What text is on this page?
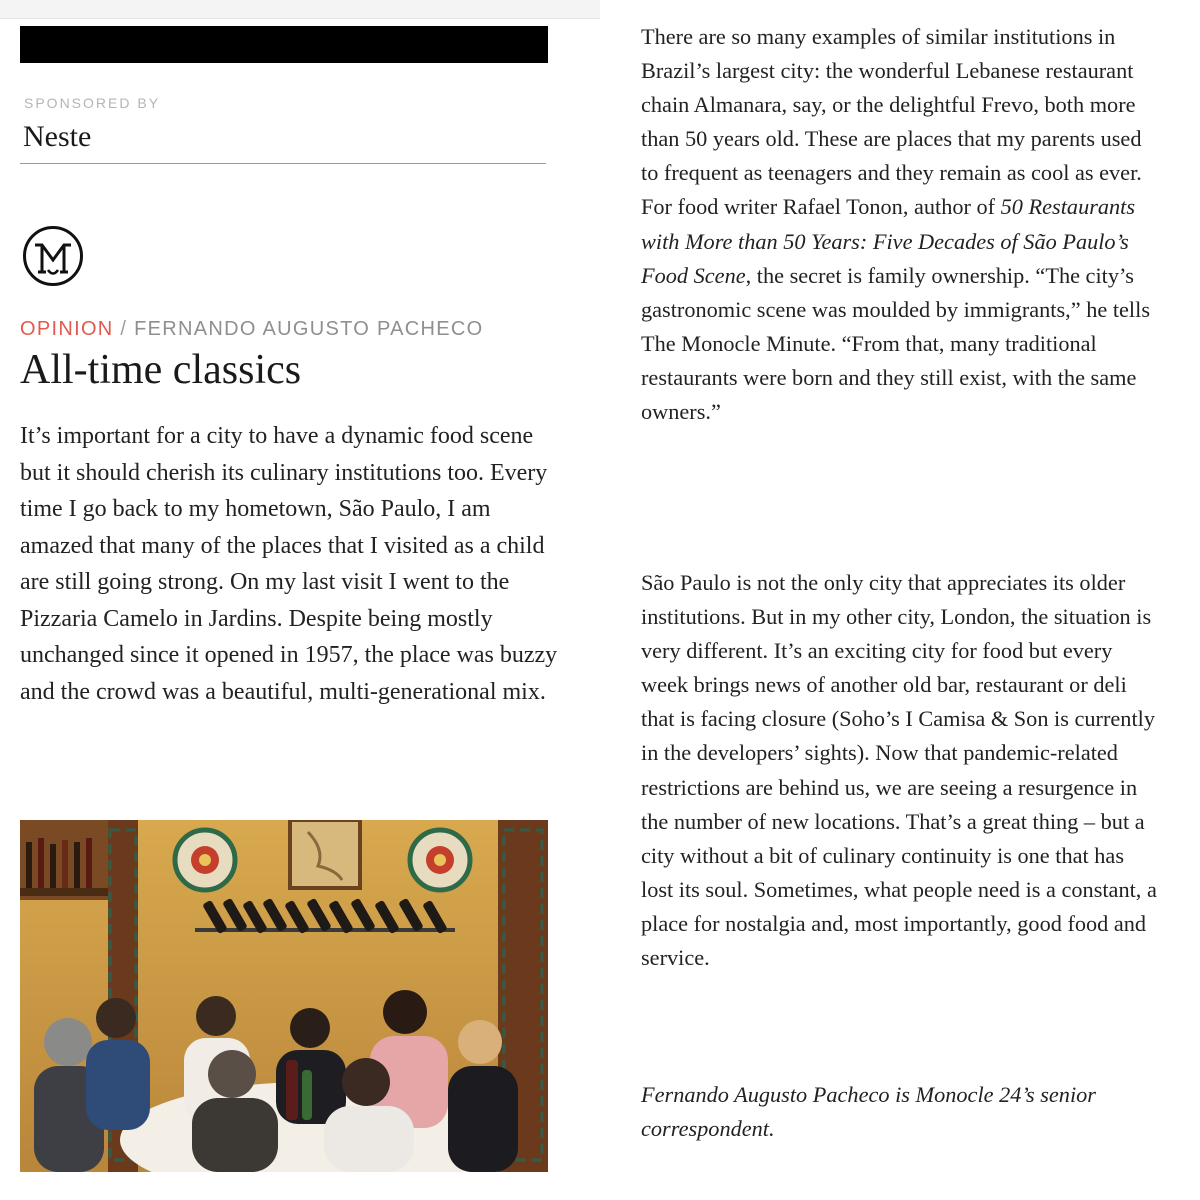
SPONSORED BY
Neste
OPINION / FERNANDO AUGUSTO PACHECO
All-time classics

It’s important for a city to have a dynamic food scene but it should cherish its culinary institutions too. Every time I go back to my hometown, São Paulo, I am amazed that many of the places that I visited as a child are still going strong. On my last visit I went to the Pizzaria Camelo in Jardins. Despite being mostly unchanged since it opened in 1957, the place was buzzy and the crowd was a beautiful, multi-generational mix.

There are so many examples of similar institutions in Brazil’s largest city: the wonderful Lebanese restaurant chain Almanara, say, or the delightful Frevo, both more than 50 years old. These are places that my parents used to frequent as teenagers and they remain as cool as ever. For food writer Rafael Tonon, author of 50 Restaurants with More than 50 Years: Five Decades of São Paulo’s Food Scene, the secret is family ownership. “The city’s gastronomic scene was moulded by immigrants,” he tells The Monocle Minute. “From that, many traditional restaurants were born and they still exist, with the same owners.”

São Paulo is not the only city that appreciates its older institutions. But in my other city, London, the situation is very different. It’s an exciting city for food but every week brings news of another old bar, restaurant or deli that is facing closure (Soho’s I Camisa & Son is currently in the developers’ sights). Now that pandemic-related restrictions are behind us, we are seeing a resurgence in the number of new locations. That’s a great thing – but a city without a bit of culinary continuity is one that has lost its soul. Sometimes, what people need is a constant, a place for nostalgia and, most importantly, good food and service.

Fernando Augusto Pacheco is Monocle 24’s senior correspondent.
